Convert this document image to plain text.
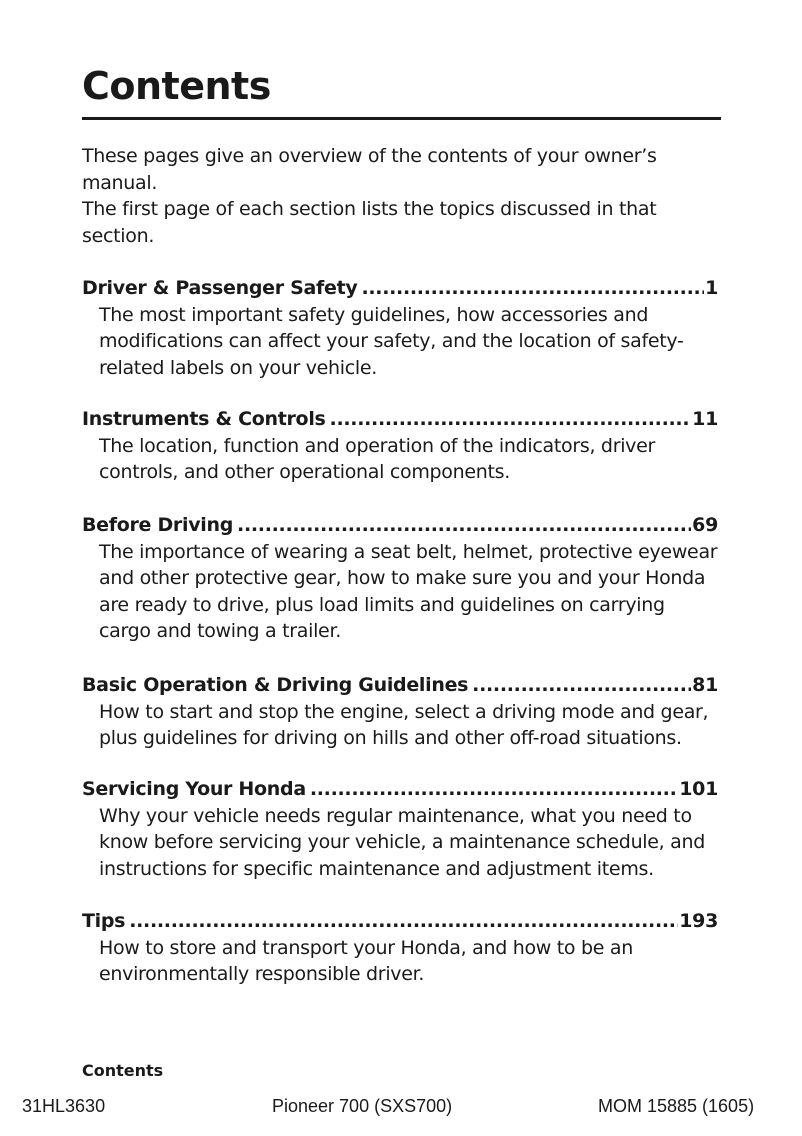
Contents

These pages give an overview of the contents of your owner’s manual.

The first page of each section lists the topics discussed in that section.

Driver & Passenger Safety .....	1

The most important safety guidelines, how accessories and modifications can affect your safety, and the location of safety-related labels on your vehicle.

Instruments & Controls .....	11

The location, function and operation of the indicators, driver controls, and other operational components.

Before Driving .....	69

The importance of wearing a seat belt, helmet, protective eyewear and other protective gear, how to make sure you and your Honda are ready to drive, plus load limits and guidelines on carrying cargo and towing a trailer.

Basic Operation & Driving Guidelines .....	81

How to start and stop the engine, select a driving mode and gear, plus guidelines for driving on hills and other off-road situations.

Servicing Your Honda .....	101

Why your vehicle needs regular maintenance, what you need to know before servicing your vehicle, a maintenance schedule, and instructions for specific maintenance and adjustment items.

Tips .....	193

How to store and transport your Honda, and how to be an environmentally responsible driver.

Contents
31HL3630	Pioneer 700 (SXS700)	MOM 15885 (1605)
